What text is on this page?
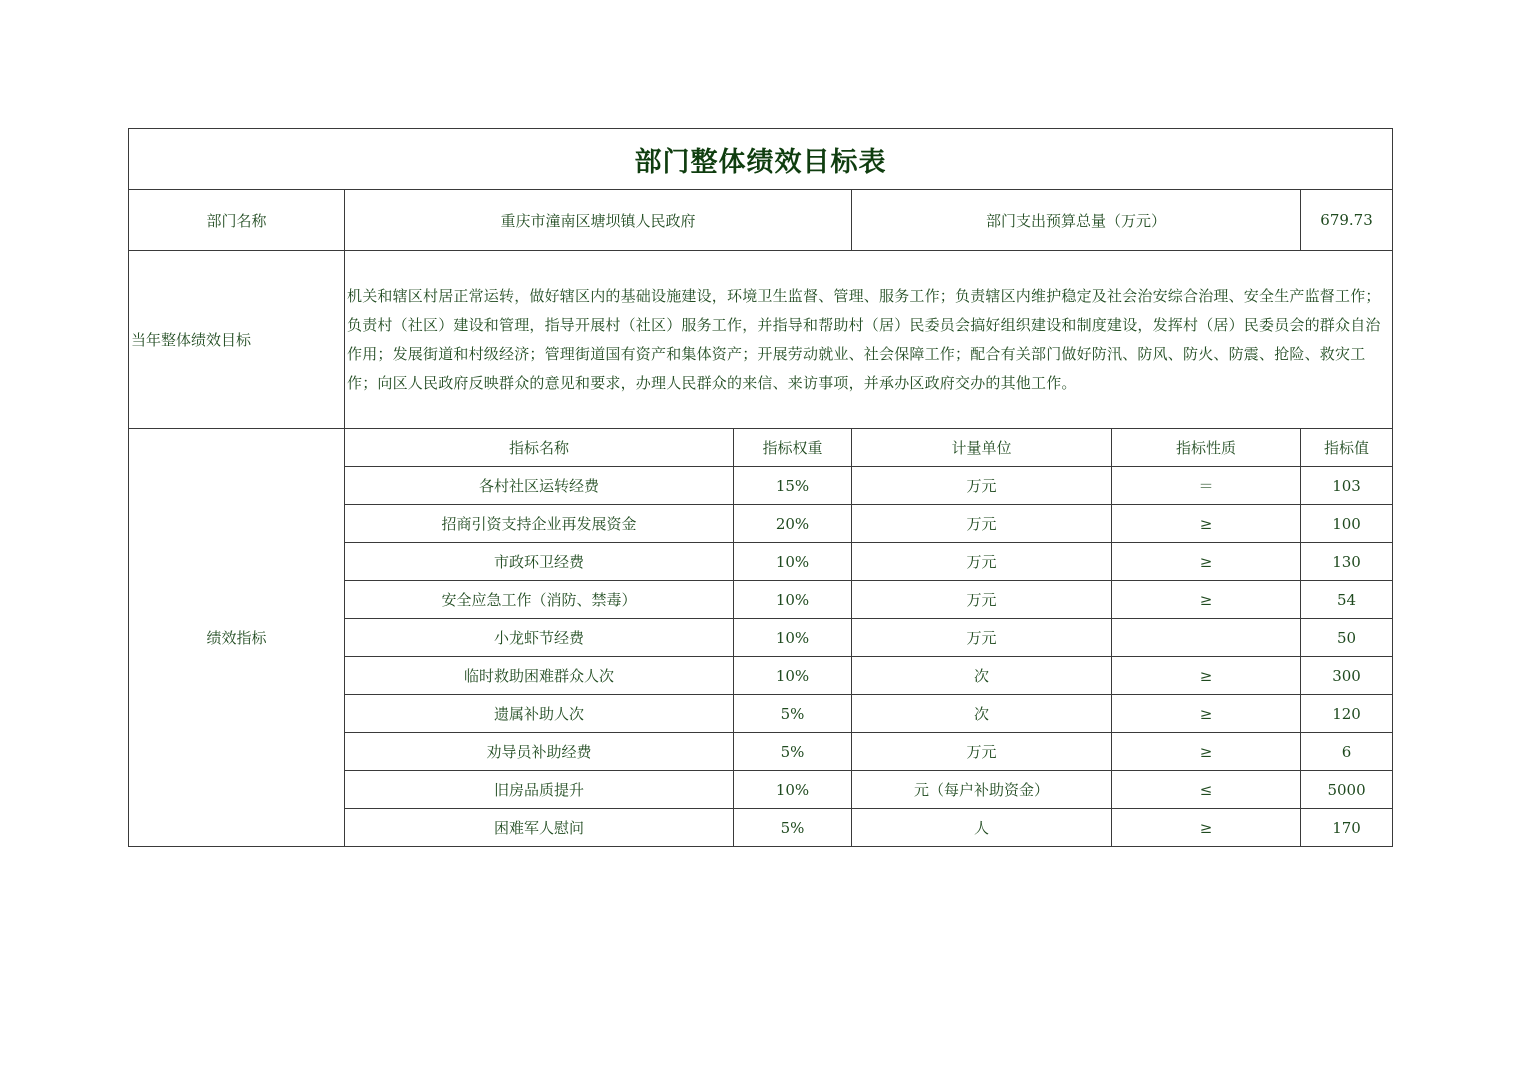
部门整体绩效目标表					
部门名称	重庆市潼南区塘坝镇人民政府		部门支出预算总量（万元）		679.73
当年整体绩效目标	机关和辖区村居正常运转，做好辖区内的基础设施建设，环境卫生监督、管理、服务工作；负责辖区内维护稳定及社会治安综合治理、安全生产监督工作；负责村（社区）建设和管理，指导开展村（社区）服务工作，并指导和帮助村（居）民委员会搞好组织建设和制度建设，发挥村（居）民委员会的群众自治作用；发展街道和村级经济；管理街道国有资产和集体资产；开展劳动就业、社会保障工作；配合有关部门做好防汛、防风、防火、防震、抢险、救灾工作；向区人民政府反映群众的意见和要求，办理人民群众的来信、来访事项，并承办区政府交办的其他工作。				
绩效指标	指标名称	指标权重	计量单位	指标性质	指标值
	各村社区运转经费	15%	万元	＝	103
	招商引资支持企业再发展资金	20%	万元	≥	100
	市政环卫经费	10%	万元	≥	130
	安全应急工作（消防、禁毒）	10%	万元	≥	54
	小龙虾节经费	10%	万元		50
	临时救助困难群众人次	10%	次	≥	300
	遗属补助人次	5%	次	≥	120
	劝导员补助经费	5%	万元	≥	6
	旧房品质提升	10%	元（每户补助资金）	≤	5000
	困难军人慰问	5%	人	≥	170
